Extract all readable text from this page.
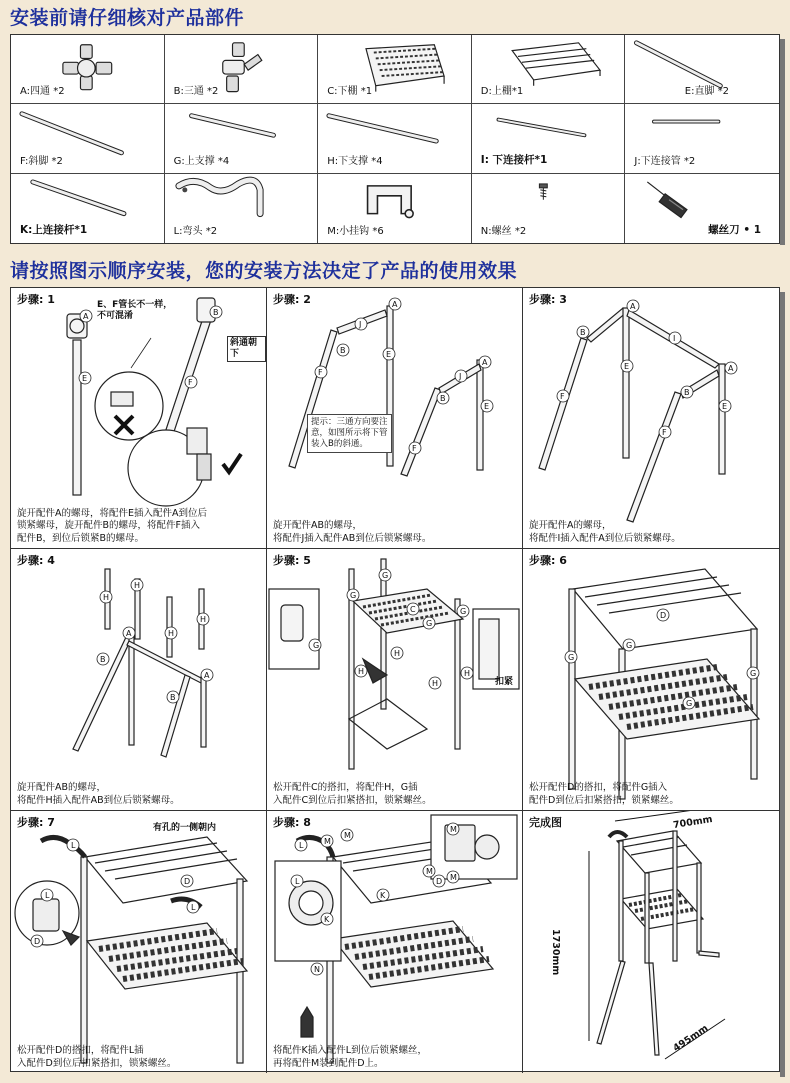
安装前请仔细核对产品部件
A:四通 *2	B:三通 *2	C:下棚 *1	D:上棚*1	E:直脚 *2
F:斜脚 *2	G:上支撑 *4	H:下支撑 *4	I: 下连接杆*1	J:下连接管 *2
K:上连接杆*1	L:弯头 *2	M:小挂钩 *6	N:螺丝 *2	螺丝刀 • 1
请按照图示顺序安装，您的安装方法决定了产品的使用效果
步骤: 1
A
E
B
F
E、F管长不一样，
不可混淆
斜通朝下
旋开配件A的螺母，将配件E插入配件A到位后
锁紧螺母，旋开配件B的螺母，将配件F插入
配件B，到位后锁紧B的螺母。
步骤: 2	A
J
B
F
E
A
J
B
E
F
提示：三通方向要注
意，如图所示将下管
装入B的斜通。
旋开配件AB的螺母，
将配件J插入配件AB到位后锁紧螺母。
步骤: 3
A
B
F
E
I
A
B
E
F
旋开配件A的螺母，
将配件I插入配件A到位后锁紧螺母。
步骤: 4
H
H
H
H
A
B
A
B
旋开配件AB的螺母，
将配件H插入配件AB到位后锁紧螺母。
步骤: 5
G
G
G
C
G
H
H
H
H
G
扣紧
松开配件C的搭扣，将配件H，G插
入配件C到位后扣紧搭扣，锁紧螺丝。
步骤: 6
D
G
G
G
G
松开配件D的搭扣，将配件G插入
配件D到位后扣紧搭扣，锁紧螺丝。
步骤: 7
L
D
L
L
D
有孔的一侧朝内
松开配件D的搭扣，将配件L插
入配件D到位后扣紧搭扣，锁紧螺丝。
步骤: 8
L	M
M
M
D M
K
L
K
N
M
将配件K插入配件L到位后锁紧螺丝，
再将配件M装到配件D上。
完成图	700mm
1730mm
495mm
